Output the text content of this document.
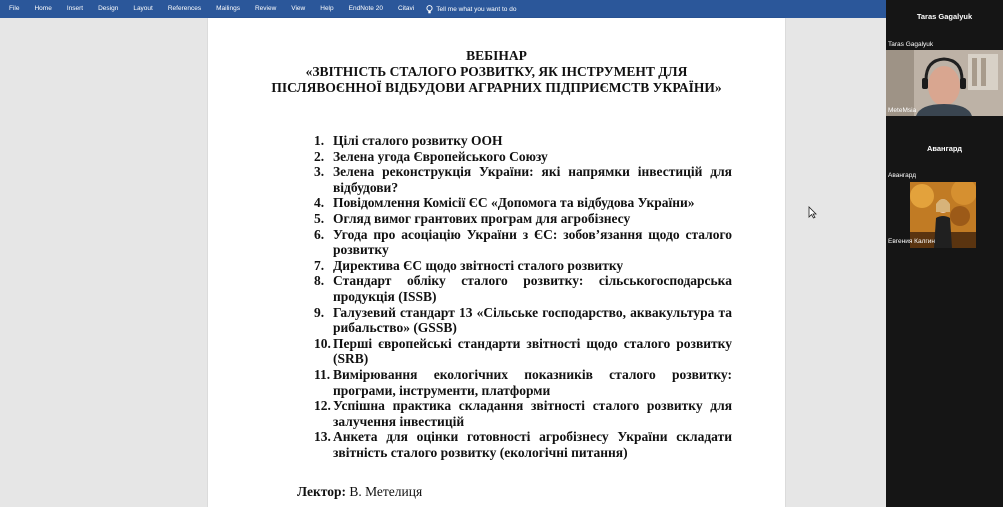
File	Home	Insert	Design	Layout	References	Mailings	Review	View	Help	EndNote 20	Citavi	Tell me what you want to do
ВЕБІНАР
«ЗВІТНІСТЬ СТАЛОГО РОЗВИТКУ, ЯК ІНСТРУМЕНТ ДЛЯ
ПІСЛЯВОЄННОЇ ВІДБУДОВИ АГРАРНИХ ПІДПРИЄМСТВ УКРАЇНИ»
1. Цілі сталого розвитку ООН
2. Зелена угода Європейського Союзу
3. Зелена реконструкція України: які напрямки інвестицій для відбудови?
4. Повідомлення Комісії ЄС «Допомога та відбудова України»
5. Огляд вимог грантових програм для агробізнесу
6. Угода про асоціацію України з ЄС: зобов’язання щодо сталого розвитку
7. Директива ЄС щодо звітності сталого розвитку
8. Стандарт обліку сталого розвитку: сільськогосподарська продукція (ISSB)
9. Галузевий стандарт 13 «Сільське господарство, аквакультура та рибальство» (GSSB)
10. Перші європейські стандарти звітності щодо сталого розвитку (SRB)
11. Вимірювання екологічних показників сталого розвитку: програми, інструменти, платформи
12. Успішна практика складання звітності сталого розвитку для залучення інвестицій
13. Анкета для оцінки готовності агробізнесу України складати звітність сталого розвитку (екологічні питання)
Лектор: В. Метелиця
Taras Gagalyuk
Taras Gagalyuk
MeteMsia
Авангард
Авангард
Евгения Калгин
